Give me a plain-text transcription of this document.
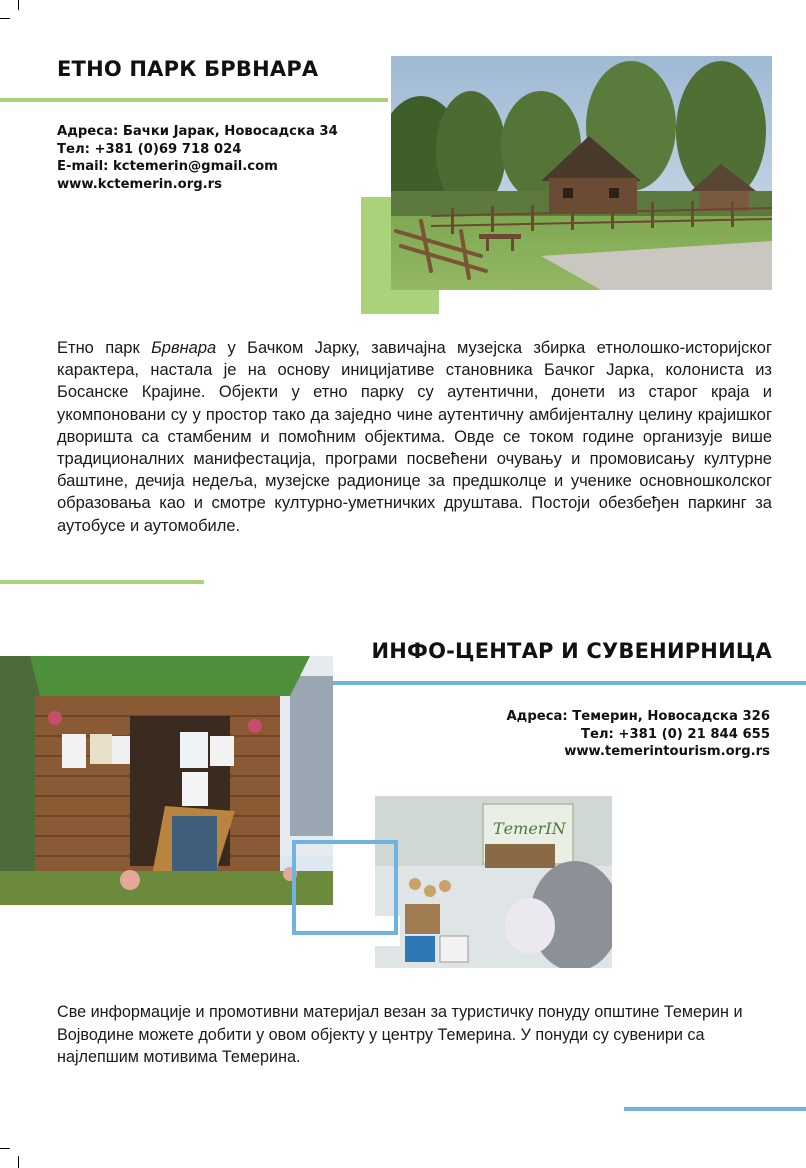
ЕТНО ПАРК БРВНАРА
Адреса: Бачки Јарак, Новосадска 34
Тел: +381 (0)69 718 024
E-mail: kctemerin@gmail.com
www.kctemerin.org.rs
Етно парк Брвнара у Бачком Јарку, завичајна музејска збирка етнолошко-историјског карактера, настала је на основу иницијативе становника Бачког Јарка, колониста из Босанске Крајине. Објекти у етно парку су аутентични, донети из старог краја и укомпоновани су у простор тако да заједно чине аутентичну амбијенталну целину крајишког дворишта са стамбеним и помоћним објектима. Овде се током године организује више традиционалних манифестација, програми посвећени очувању и промовисању културне баштине, дечија недеља, музејске радионице за предшколце и ученике основношколског образовања као и смотре културно-уметничких друштава. Постоји обезбеђен паркинг за аутобусе и аутомобиле.
ИНФО-ЦЕНТАР И СУВЕНИРНИЦА
Адреса: Темерин, Новосадска 326
Тел: +381 (0) 21 844 655
www.temerintourism.org.rs
ТemerIN
Све информације и промотивни материјал везан за туристичку понуду општине Темерин и Војводине можете добити у овом објекту у центру Темерина. У понуди су сувенири са најлепшим мотивима Темерина.
